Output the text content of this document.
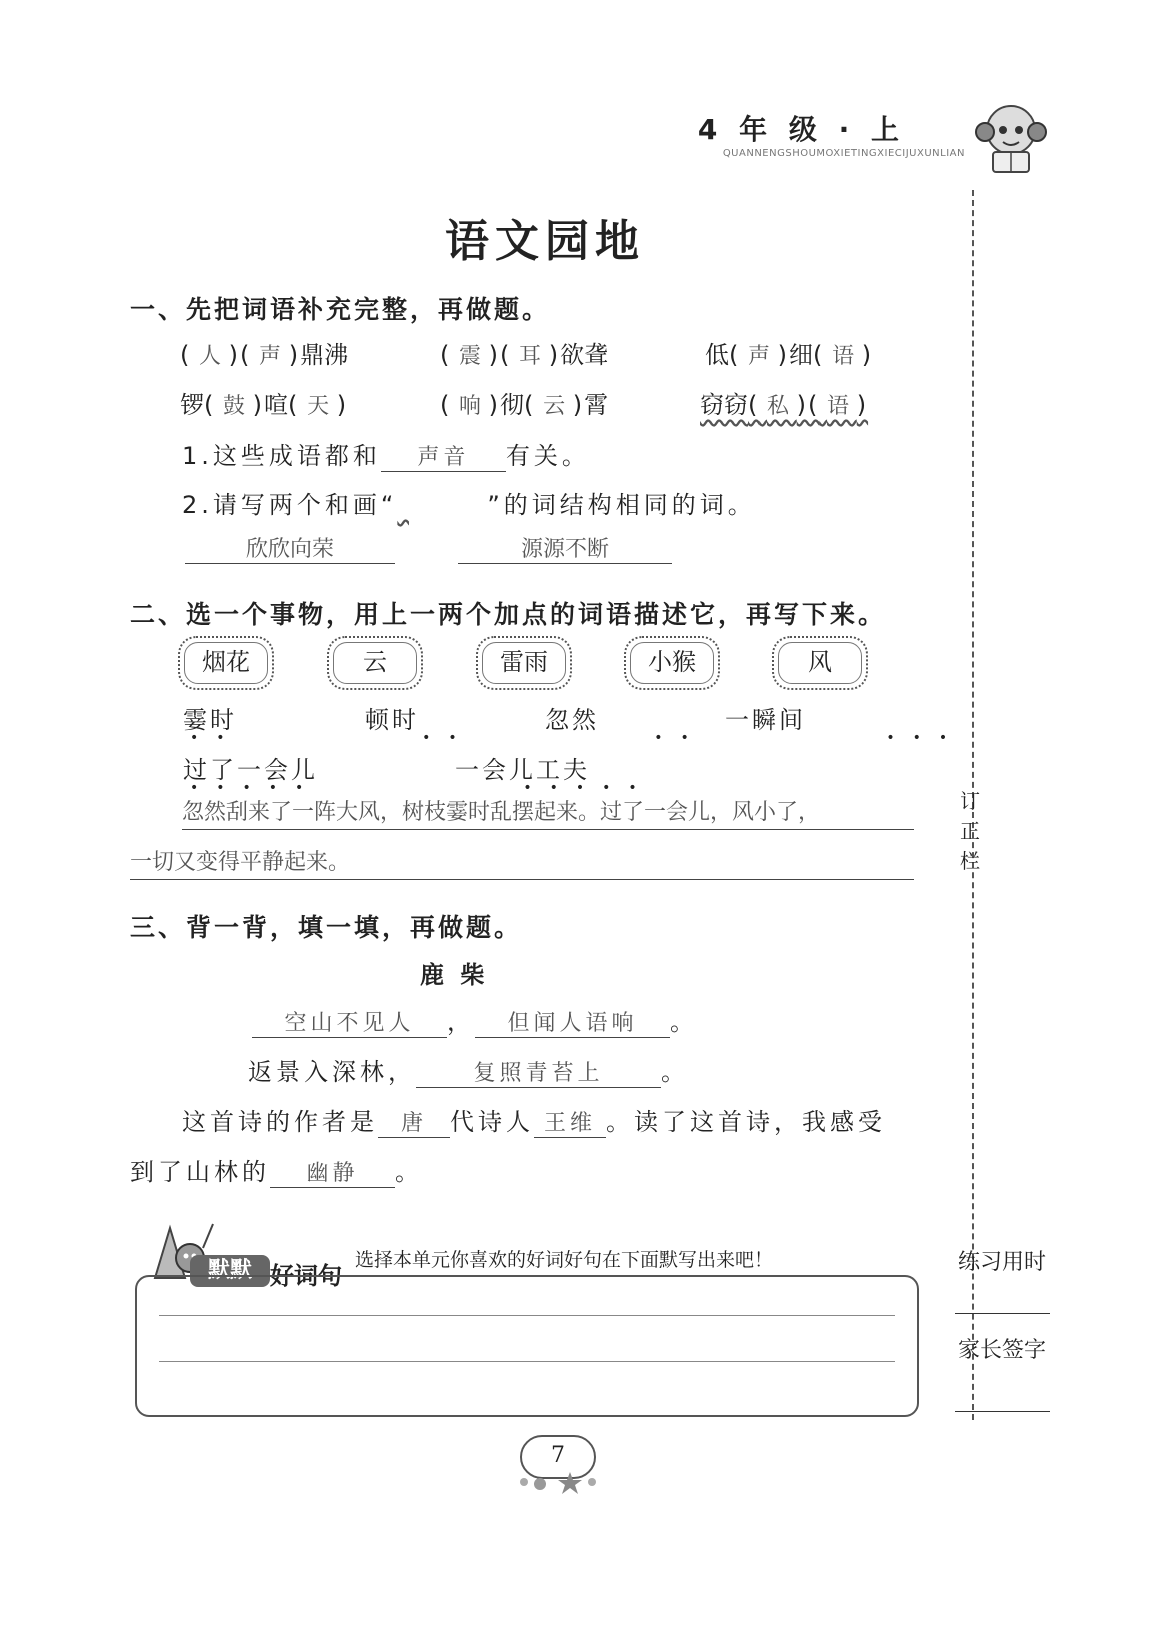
4 年 级 · 上
QUANNENGSHOUMOXIETINGXIECIJUXUNLIAN
语文园地
一、先把词语补充完整，再做题。
( 人 )( 声 )鼎沸	( 震 )( 耳 )欲聋	低( 声 )细( 语 )
锣( 鼓 )喧( 天 )	( 响 )彻( 云 )霄	窃窃( 私 )( 语 )
1.这些成语都和 声音 有关。
2.请写两个和画“	”的词结构相同的词。
欣欣向荣	源源不断
二、选一个事物，用上一两个加点的词语描述它，再写下来。
烟花	云	雷雨	小猴	风
霎时	顿时	忽然	一瞬间
••        ••        ••        •••
过了一会儿	一会儿工夫
•••••         •••••
忽然刮来了一阵大风，树枝霎时乱摆起来。过了一会儿，风小了，
一切又变得平静起来。
三、背一背，填一填，再做题。
鹿 柴
空山不见人 ， 但闻人语响 。
返景入深林，	复照青苔上 。
这首诗的作者是 唐 代诗人 王维 。读了这首诗，我感受
到了山林的 幽静 。
默默 好词句
选择本单元你喜欢的好词好句在下面默写出来吧！
订
正
栏
练习用时
家长签字
7
